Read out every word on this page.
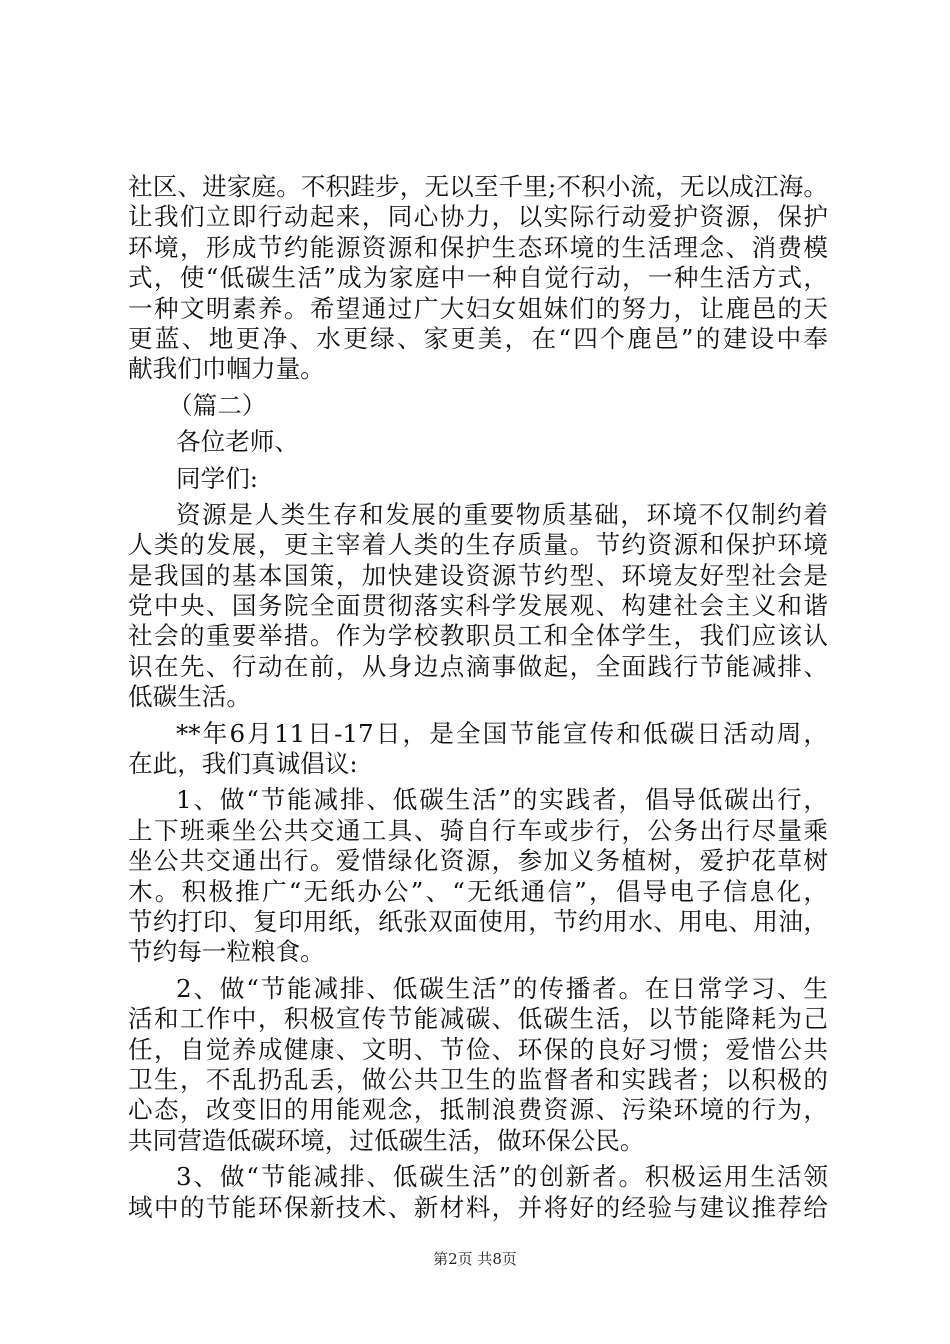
社区、进家庭。不积跬步，无以至千里;不积小流，无以成江海。
让我们立即行动起来，同心协力，以实际行动爱护资源，保护
环境，形成节约能源资源和保护生态环境的生活理念、消费模
式，使“低碳生活”成为家庭中一种自觉行动，一种生活方式，
一种文明素养。希望通过广大妇女姐妹们的努力，让鹿邑的天
更蓝、地更净、水更绿、家更美，在“四个鹿邑”的建设中奉
献我们巾帼力量。
（篇二）
各位老师、
同学们:
资源是人类生存和发展的重要物质基础，环境不仅制约着
人类的发展，更主宰着人类的生存质量。节约资源和保护环境
是我国的基本国策，加快建设资源节约型、环境友好型社会是
党中央、国务院全面贯彻落实科学发展观、构建社会主义和谐
社会的重要举措。作为学校教职员工和全体学生，我们应该认
识在先、行动在前，从身边点滴事做起，全面践行节能减排、
低碳生活。
**年6月11日-17日，是全国节能宣传和低碳日活动周，
在此，我们真诚倡议:
1、做“节能减排、低碳生活”的实践者，倡导低碳出行，
上下班乘坐公共交通工具、骑自行车或步行，公务出行尽量乘
坐公共交通出行。爱惜绿化资源，参加义务植树，爱护花草树
木。积极推广“无纸办公”、“无纸通信”，倡导电子信息化，
节约打印、复印用纸，纸张双面使用，节约用水、用电、用油，
节约每一粒粮食。
2、做“节能减排、低碳生活”的传播者。在日常学习、生
活和工作中，积极宣传节能减碳、低碳生活，以节能降耗为己
任，自觉养成健康、文明、节俭、环保的良好习惯；爱惜公共
卫生，不乱扔乱丢，做公共卫生的监督者和实践者；以积极的
心态，改变旧的用能观念，抵制浪费资源、污染环境的行为，
共同营造低碳环境，过低碳生活，做环保公民。
3、做“节能减排、低碳生活”的创新者。积极运用生活领
域中的节能环保新技术、新材料，并将好的经验与建议推荐给
第2页 共8页
